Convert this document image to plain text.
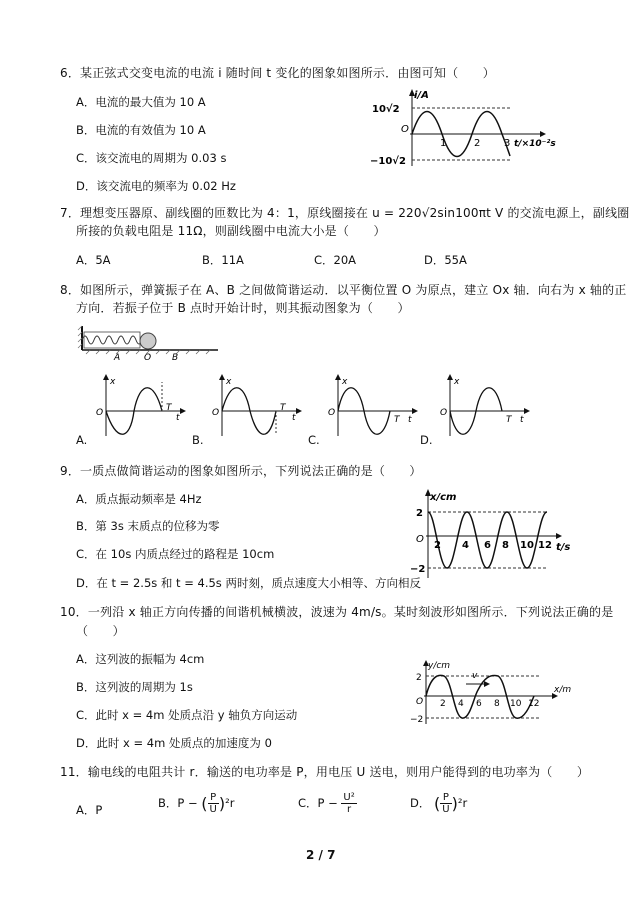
6．某正弦式交变电流的电流 i 随时间 t 变化的图象如图所示．由图可知（　　）
A．电流的最大值为 10 A
B．电流的有效值为 10 A
C．该交流电的周期为 0.03 s
D．该交流电的频率为 0.02 Hz
i/A
10√2
−10√2
O
1	2 3 t/×10⁻²s
7．理想变压器原、副线圈的匝数比为 4：1，原线圈接在 u = 220√2sin100πt V 的交流电源上，副线圈
所接的负载电阻是 11Ω，则副线圈中电流大小是（　　）
A．5A	B．11A	C．20A	D．55A
8．如图所示，弹簧振子在 A、B 之间做简谐运动．以平衡位置 O 为原点，建立 Ox 轴．向右为 x 轴的正
方向．若振子位于 B 点时开始计时，则其振动图象为（　　）
A	O B
x
O	T
t
A.
x
O	T
t
B.
x
O
T t
C.
x
O
T t
D.
9．一质点做简谐运动的图象如图所示，下列说法正确的是（　　）
A．质点振动频率是 4Hz
B．第 3s 末质点的位移为零
C．在 10s 内质点经过的路程是 10cm
D．在 t = 2.5s 和 t = 4.5s 两时刻，质点速度大小相等、方向相反
x/cm
2
−2
O
2 4 6 8 10 12 t/s
10．一列沿 x 轴正方向传播的间谐机械横波，波速为 4m/s。某时刻波形如图所示．下列说法正确的是
（　　）
A．这列波的振幅为 4cm
B．这列波的周期为 1s
C．此时 x = 4m 处质点沿 y 轴负方向运动
D．此时 x = 4m 处质点的加速度为 0
v
y/cm
2
−2
O 2 4 6 8 10 12
x/m
11．输电线的电阻共计 r．输送的电功率是 P，用电压 U 送电，则用户能得到的电功率为（　　）
A．P	B．P − ( $\frac{P}{U} )^2r$	C．$P - \frac{\text{U²}}{r}$	D． ( $\frac{P}{U} )^2r$
2 / 7
